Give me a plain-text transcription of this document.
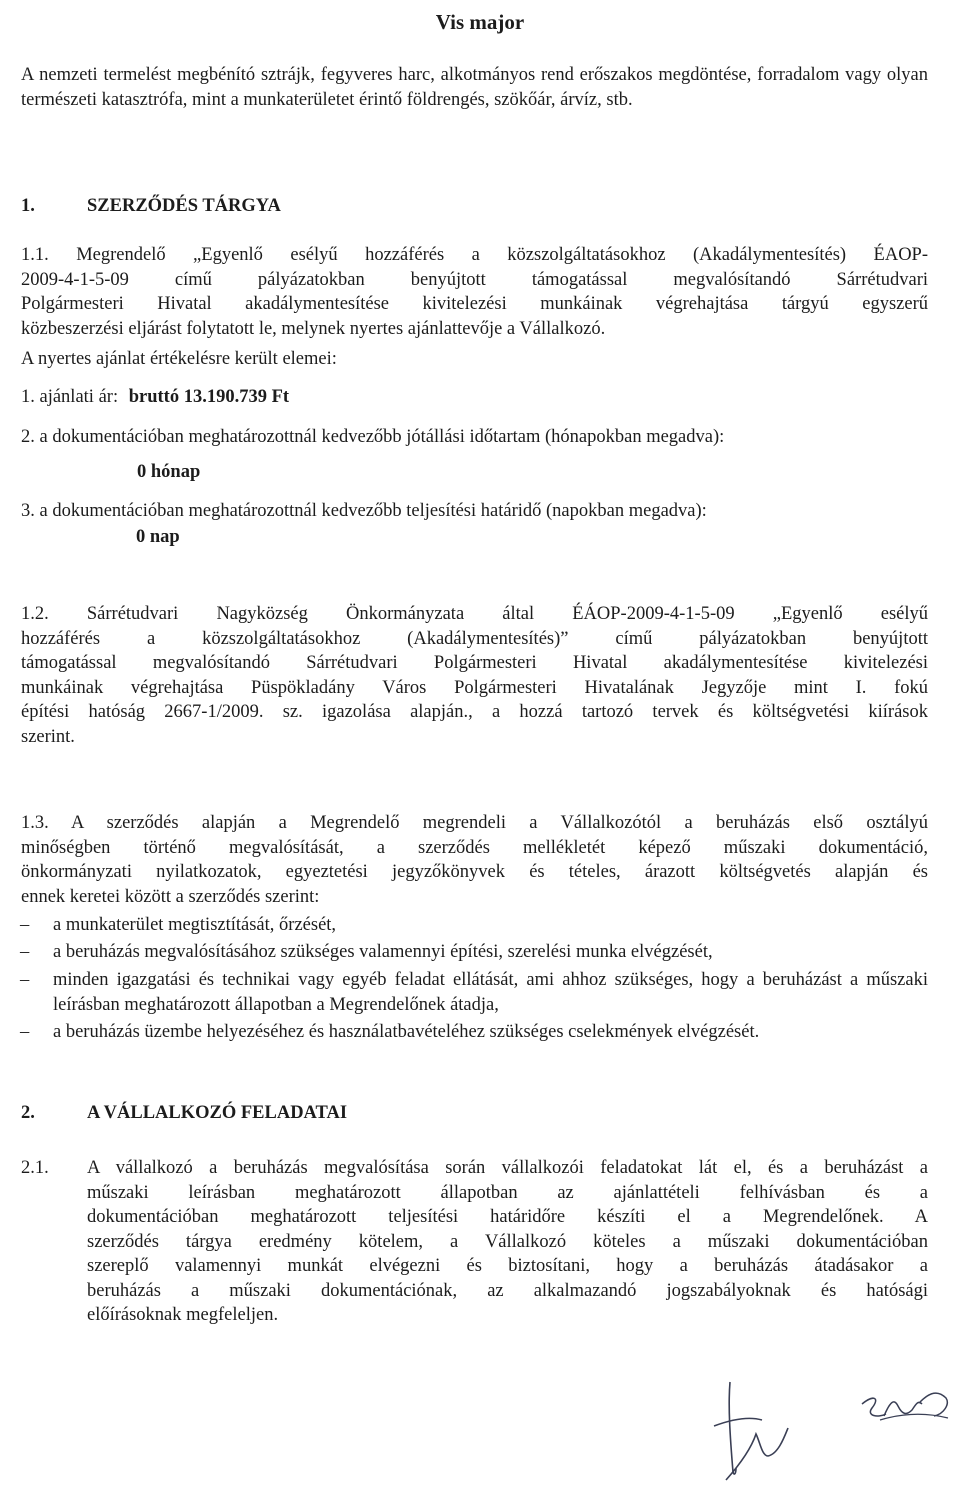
Vis major
A nemzeti termelést megbénító sztrájk, fegyveres harc, alkotmányos rend erőszakos megdöntése, forradalom vagy olyan természeti katasztrófa, mint a munkaterületet érintő földrengés, szökőár, árvíz, stb.
1.	SZERZŐDÉS TÁRGYA
1.1. Megrendelő „Egyenlő esélyű hozzáférés a közszolgáltatásokhoz (Akadálymentesítés) ÉAOP-
2009-4-1-5-09 című pályázatokban benyújtott támogatással megvalósítandó Sárrétudvari
Polgármesteri Hivatal akadálymentesítése kivitelezési munkáinak végrehajtása tárgyú egyszerű
közbeszerzési eljárást folytatott le, melynek nyertes ajánlattevője a Vállalkozó.
A nyertes ajánlat értékelésre került elemei:
1. ajánlati ár: bruttó 13.190.739 Ft
2. a dokumentációban meghatározottnál kedvezőbb jótállási időtartam (hónapokban megadva):
0 hónap
3. a dokumentációban meghatározottnál kedvezőbb teljesítési határidő (napokban megadva):
0 nap
1.2. Sárrétudvari Nagyközség Önkormányzata által ÉÁOP-2009-4-1-5-09 „Egyenlő esélyű
hozzáférés a közszolgáltatásokhoz (Akadálymentesítés)” című pályázatokban benyújtott
támogatással megvalósítandó Sárrétudvari Polgármesteri Hivatal akadálymentesítése kivitelezési
munkáinak végrehajtása Püspökladány Város Polgármesteri Hivatalának Jegyzője mint I. fokú
építési hatóság 2667-1/2009. sz. igazolása alapján., a hozzá tartozó tervek és költségvetési kiírások
szerint.
1.3. A szerződés alapján a Megrendelő megrendeli a Vállalkozótól a beruházás első osztályú
minőségben történő megvalósítását, a szerződés mellékletét képező műszaki dokumentáció,
önkormányzati nyilatkozatok, egyeztetési jegyzőkönyvek és tételes, árazott költségvetés alapján és
ennek keretei között a szerződés szerint:
– a munkaterület megtisztítását, őrzését,
– a beruházás megvalósításához szükséges valamennyi építési, szerelési munka elvégzését,
– minden igazgatási és technikai vagy egyéb feladat ellátását, ami ahhoz szükséges, hogy a beruházást a műszaki leírásban meghatározott állapotban a Megrendelőnek átadja,
– a beruházás üzembe helyezéséhez és használatbavételéhez szükséges cselekmények elvégzését.
2.	A VÁLLALKOZÓ FELADATAI
2.1. A vállalkozó a beruházás megvalósítása során vállalkozói feladatokat lát el, és a beruházást a
műszaki leírásban meghatározott állapotban az ajánlattételi felhívásban és a
dokumentációban meghatározott teljesítési határidőre készíti el a Megrendelőnek. A
szerződés tárgya eredmény kötelem, a Vállalkozó köteles a műszaki dokumentációban
szereplő valamennyi munkát elvégezni és biztosítani, hogy a beruházás átadásakor a
beruházás a műszaki dokumentációnak, az alkalmazandó jogszabályoknak és hatósági
előírásoknak megfeleljen.
